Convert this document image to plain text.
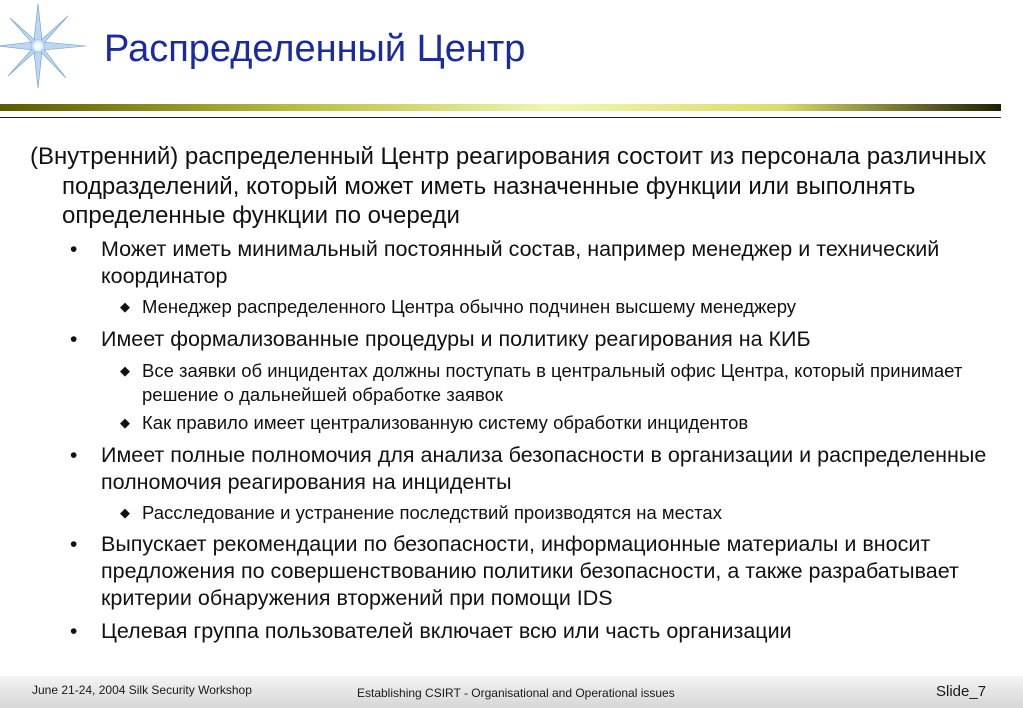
Распределенный Центр
(Внутренний) распределенный Центр реагирования состоит из персонала различных подразделений, который может иметь назначенные функции или выполнять определенные функции по очереди
• Может иметь минимальный постоянный состав, например менеджер и технический координатор
◆ Менеджер распределенного Центра обычно подчинен высшему менеджеру
• Имеет формализованные процедуры и политику реагирования на КИБ
◆ Все заявки об инцидентах должны поступать в центральный офис Центра, который принимает решение о дальнейшей обработке заявок
◆ Как правило имеет централизованную систему обработки инцидентов
• Имеет полные полномочия для анализа безопасности в организации и распределенные полномочия реагирования на инциденты
◆ Расследование и устранение последствий производятся на местах
• Выпускает рекомендации по безопасности, информационные материалы и вносит предложения по совершенствованию политики безопасности, а также разрабатывает критерии обнаружения вторжений при помощи IDS
• Целевая группа пользователей включает всю или часть организации
June 21-24, 2004 Silk Security Workshop	Establishing CSIRT - Organisational and Operational issues	Slide_7
